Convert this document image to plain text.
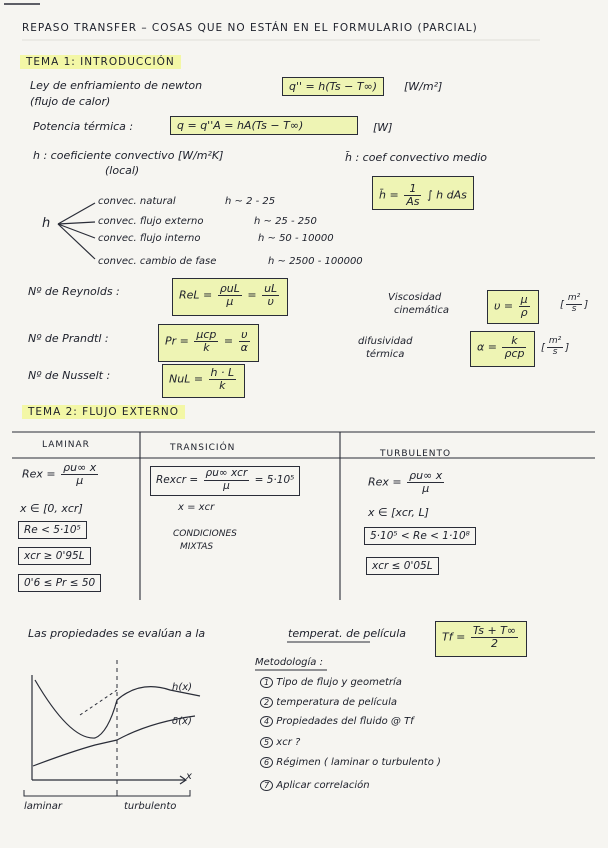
REPASO TRANSFER – COSAS QUE NO ESTÁN EN EL FORMULARIO (PARCIAL)
TEMA 1: INTRODUCCIÓN
Ley de enfriamiento de newton
(flujo de calor)
q'' = h(Ts − T∞)	[W/m²]
Potencia térmica :	q = q''A = hA(Ts − T∞)	[W]
h : coeficiente convectivo [W/m²K]
(local)
h̄ : coef convectivo medio
h̄ = $\frac{1}{As}$ ∫ h dAs
h
convec. natural	h ~ 2 - 25
convec. flujo externo	h ~ 25 - 250
convec. flujo interno	h ~ 50 - 10000
convec. cambio de fase	h ~ 2500 - 100000
Nº de Reynolds :	ReL = $\frac{\text{ρuL}}{\mu} = \frac{uL}{\upsilon}$	Viscosidad
cinemática	$\upsilon = \frac{\mu}{\rho}$	[ $\frac{\text{m²}}{s}$ ]
Nº de Prandtl :	$Pr = \frac{\text{μcp}}{k} = \frac{\upsilon}{\alpha}$	difusividad
térmica
$\alpha = \frac{k}{\text{ρcp}}$ [ $\frac{\text{m²}}{s}$ ]
Nº de Nusselt :	NuL = $\frac{h \cdot L}{k}$
TEMA 2: FLUJO EXTERNO
LAMINAR	TRANSICIÓN
TURBULENTO
Rex = $\frac{\rho u\infty x}{\mu}$
x ∈ [0, xcr]
Re < 5·10⁵
xcr ≥ 0'95L
0'6 ≤ Pr ≤ 50
Rexcr = $\frac{\text{ρu∞ xcr}}{\mu} = 5\cdot 10^5$
x = xcr
CONDICIONES
MIXTAS
Rex = $\frac{\rho u\infty x}{\mu}$
x ∈ [xcr, L]
5·10⁵ < Re < 1·10⁸
xcr ≤ 0'05L
Las propiedades se evalúan a la	temperat. de película	$Tf = \frac{Ts + T\infty}{2}$
Metodología :
1 Tipo de flujo y geometría
2 temperatura de película
4 Propiedades del fluido @ Tf
5 xcr ?
6 Régimen ( laminar o turbulento )
7 Aplicar correlación
h(x)
δ(x)
x
laminar	turbulento
